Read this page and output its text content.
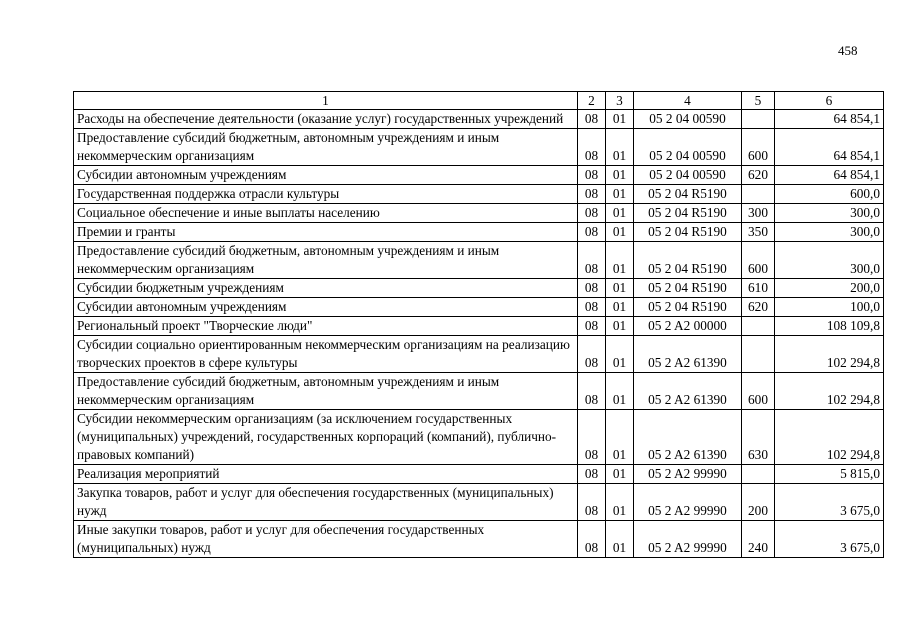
458
1	2	3	4	5	6
Расходы на обеспечение деятельности (оказание услуг) государственных учреждений	08	01	05 2 04 00590		64 854,1
Предоставление субсидий бюджетным, автономным учреждениям и иным некоммерческим организациям	08	01	05 2 04 00590	600	64 854,1
Субсидии автономным учреждениям	08	01	05 2 04 00590	620	64 854,1
Государственная поддержка отрасли культуры	08	01	05 2 04 R5190		600,0
Социальное обеспечение и иные выплаты населению	08	01	05 2 04 R5190	300	300,0
Премии и гранты	08	01	05 2 04 R5190	350	300,0
Предоставление субсидий бюджетным, автономным учреждениям и иным некоммерческим организациям	08	01	05 2 04 R5190	600	300,0
Субсидии бюджетным учреждениям	08	01	05 2 04 R5190	610	200,0
Субсидии автономным учреждениям	08	01	05 2 04 R5190	620	100,0
Региональный проект "Творческие люди"	08	01	05 2 A2 00000		108 109,8
Субсидии социально ориентированным некоммерческим организациям на реализацию творческих проектов в сфере культуры	08	01	05 2 A2 61390		102 294,8
Предоставление субсидий бюджетным, автономным учреждениям и иным некоммерческим организациям	08	01	05 2 A2 61390	600	102 294,8
Субсидии некоммерческим организациям (за исключением государственных (муниципальных) учреждений, государственных корпораций (компаний), публично-правовых компаний)	08	01	05 2 A2 61390	630	102 294,8
Реализация мероприятий	08	01	05 2 A2 99990		5 815,0
Закупка товаров, работ и услуг для обеспечения государственных (муниципальных) нужд	08	01	05 2 A2 99990	200	3 675,0
Иные закупки товаров, работ и услуг для обеспечения государственных (муниципальных) нужд	08	01	05 2 A2 99990	240	3 675,0
